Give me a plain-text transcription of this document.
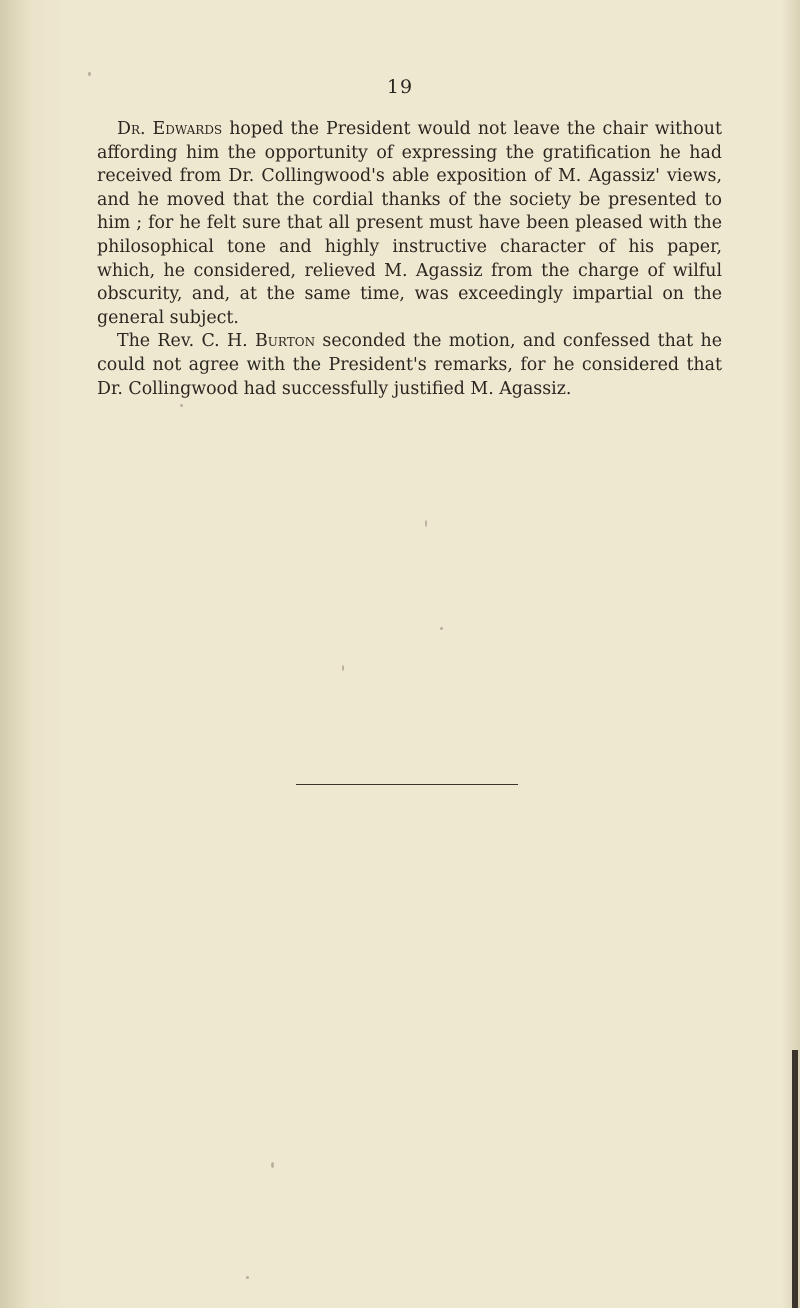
19

Dr. Edwards hoped the President would not leave the chair without affording him the opportunity of expressing the gratification he had received from Dr. Collingwood's able exposition of M. Agassiz' views, and he moved that the cordial thanks of the society be presented to him ; for he felt sure that all present must have been pleased with the philosophical tone and highly instructive character of his paper, which, he considered, relieved M. Agassiz from the charge of wilful obscurity, and, at the same time, was exceedingly impartial on the general subject.

The Rev. C. H. Burton seconded the motion, and confessed that he could not agree with the President's remarks, for he considered that Dr. Collingwood had successfully justified M. Agassiz.
